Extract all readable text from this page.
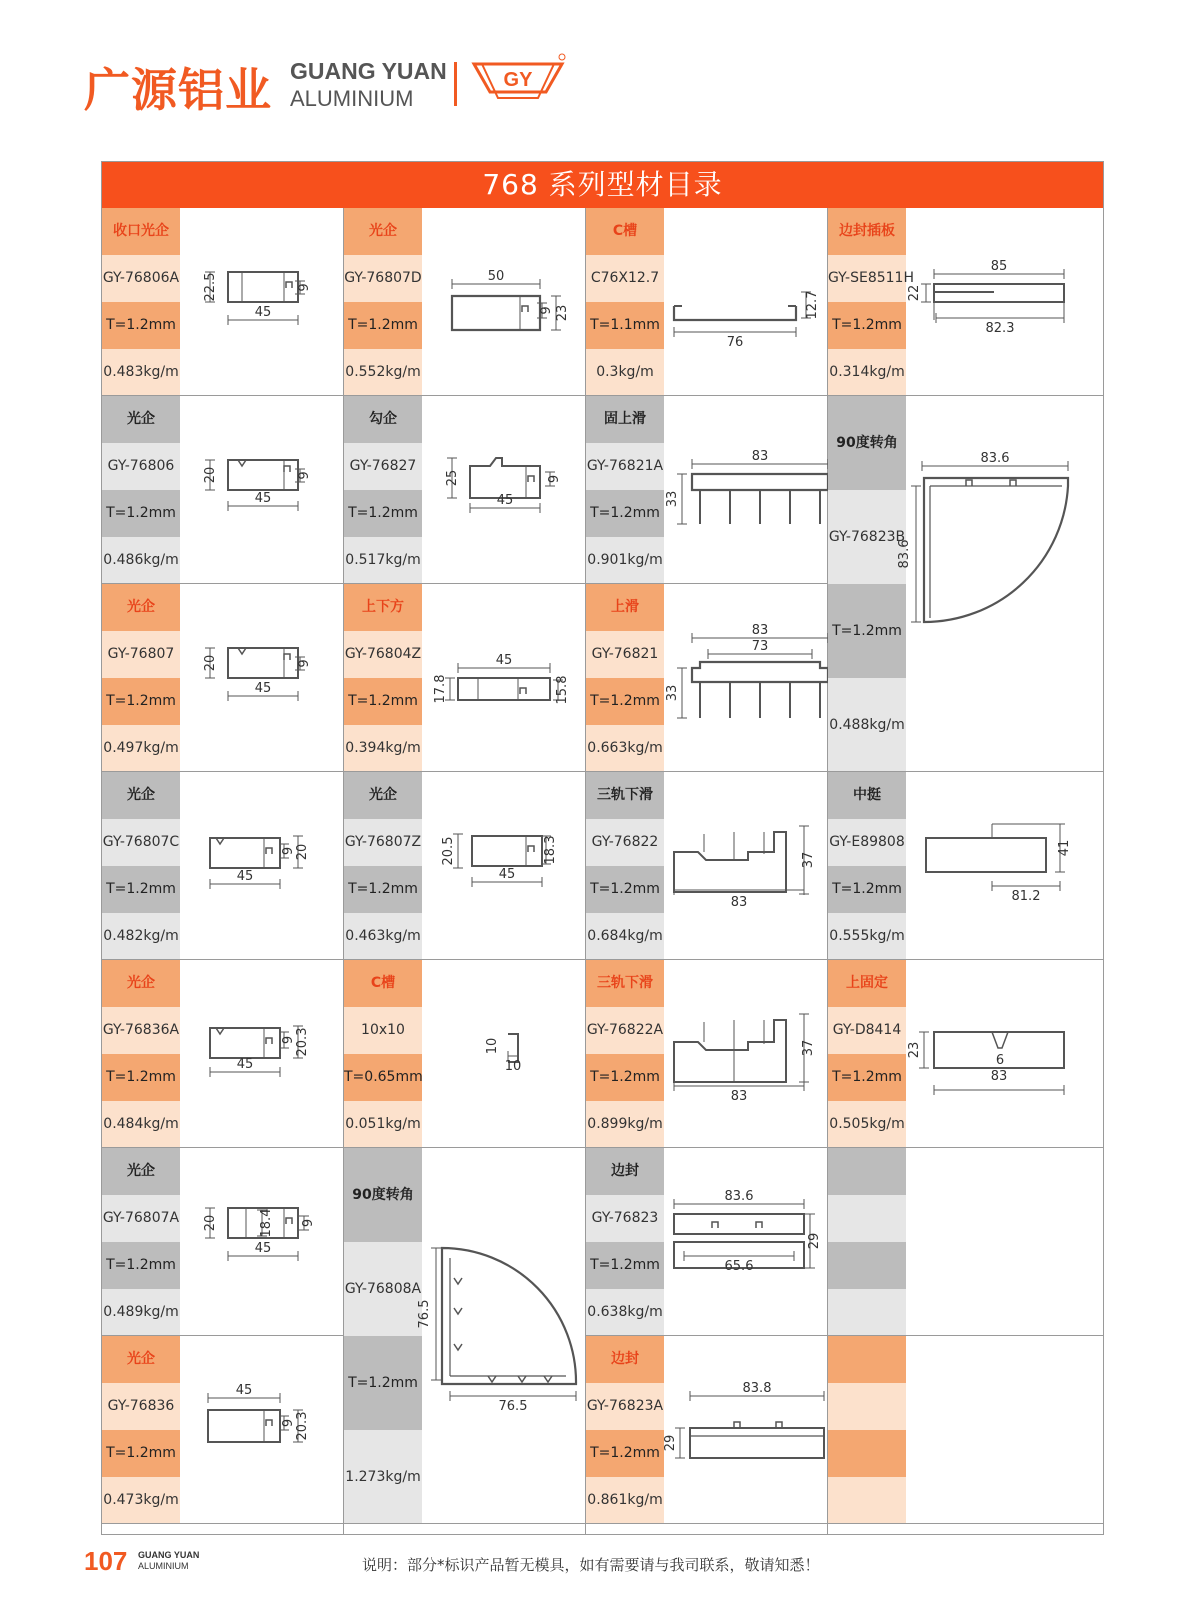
广源铝业 GUANG YUAN
ALUMINIUM
GY
768 系列型材目录
收口光企
GY-76806A
T=1.2mm
0.483kg/m
22.5	9
45
光企
GY-76806
T=1.2mm
0.486kg/m
20	9
45
光企
GY-76807
T=1.2mm
0.497kg/m
20	9
45
光企
GY-76807C
T=1.2mm
0.482kg/m
9 20
45
光企
GY-76836A
T=1.2mm
0.484kg/m
9 20.3
45
光企
GY-76807A
T=1.2mm
0.489kg/m
20	18.4 9
45
光企
GY-76836
T=1.2mm
0.473kg/m
45
9 20.3
光企
GY-76807D
T=1.2mm
0.552kg/m
50
9 23
勾企
GY-76827
T=1.2mm
0.517kg/m
25	9
45
上下方
GY-76804Z
T=1.2mm
0.394kg/m
45
17.8	15.8
光企
GY-76807Z
T=1.2mm
0.463kg/m
20.5	18.3
45
C槽
10x10
T=0.65mm
0.051kg/m
10
10
90度转角
GY-76808A
T=1.2mm
1.273kg/m
76.5
76.5
C槽
C76X12.7
T=1.1mm
0.3kg/m
12.7
76
固上滑
GY-76821A
T=1.2mm
0.901kg/m
83
33
上滑
GY-76821
T=1.2mm
0.663kg/m
83
73
33
三轨下滑
GY-76822
T=1.2mm
0.684kg/m
37
83
三轨下滑
GY-76822A
T=1.2mm
0.899kg/m
37
83
边封
GY-76823
T=1.2mm
0.638kg/m
83.6
29
65.6
边封
GY-76823A
T=1.2mm
0.861kg/m
83.8
29
边封插板
GY-SE8511H
T=1.2mm
0.314kg/m
85
22
82.3
90度转角
GY-76823B
T=1.2mm
0.488kg/m
83.6
83.6
中挺
GY-E89808
T=1.2mm
0.555kg/m
41
81.2
上固定
GY-D8414
T=1.2mm
0.505kg/m
23
6
83
107 GUANG YUAN
ALUMINIUM	说明：部分*标识产品暂无模具，如有需要请与我司联系，敬请知悉！
